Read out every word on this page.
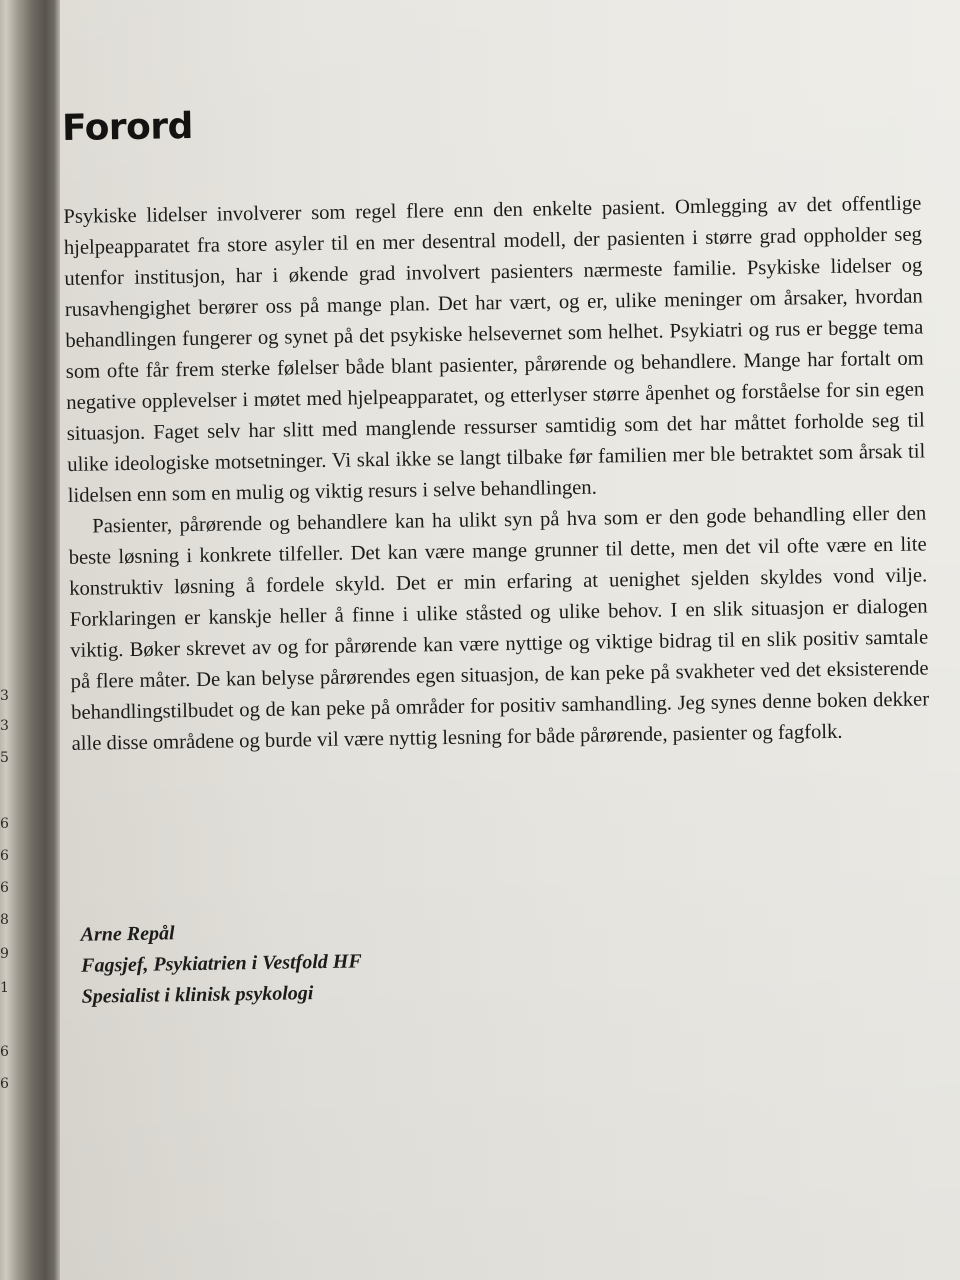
3
3
5
6
6
6
8
9
1
6
6
Forord

Psykiske lidelser involverer som regel flere enn den enkelte pasient. Omlegging av det offentlige hjelpeapparatet fra store asyler til en mer desentral modell, der pasienten i større grad oppholder seg utenfor institusjon, har i økende grad involvert pasienters nærmeste familie. Psykiske lidelser og rusavhengighet berører oss på mange plan. Det har vært, og er, ulike meninger om årsaker, hvordan behandlingen fungerer og synet på det psykiske helsevernet som helhet. Psykiatri og rus er begge tema som ofte får frem sterke følelser både blant pasienter, pårørende og behandlere. Mange har fortalt om negative opplevelser i møtet med hjelpeapparatet, og etterlyser større åpenhet og forståelse for sin egen situasjon. Faget selv har slitt med manglende ressurser samtidig som det har måttet forholde seg til ulike ideologiske motsetninger. Vi skal ikke se langt tilbake før familien mer ble betraktet som årsak til lidelsen enn som en mulig og viktig resurs i selve behandlingen.

Pasienter, pårørende og behandlere kan ha ulikt syn på hva som er den gode behandling eller den beste løsning i konkrete tilfeller. Det kan være mange grunner til dette, men det vil ofte være en lite konstruktiv løsning å fordele skyld. Det er min erfaring at uenighet sjelden skyldes vond vilje. Forklaringen er kanskje heller å finne i ulike ståsted og ulike behov. I en slik situasjon er dialogen viktig. Bøker skrevet av og for pårørende kan være nyttige og viktige bidrag til en slik positiv samtale på flere måter. De kan belyse pårørendes egen situasjon, de kan peke på svakheter ved det eksisterende behandlingstilbudet og de kan peke på områder for positiv samhandling. Jeg synes denne boken dekker alle disse områdene og burde vil være nyttig lesning for både pårørende, pasienter og fagfolk.

Arne Repål
Fagsjef, Psykiatrien i Vestfold HF
Spesialist i klinisk psykologi
